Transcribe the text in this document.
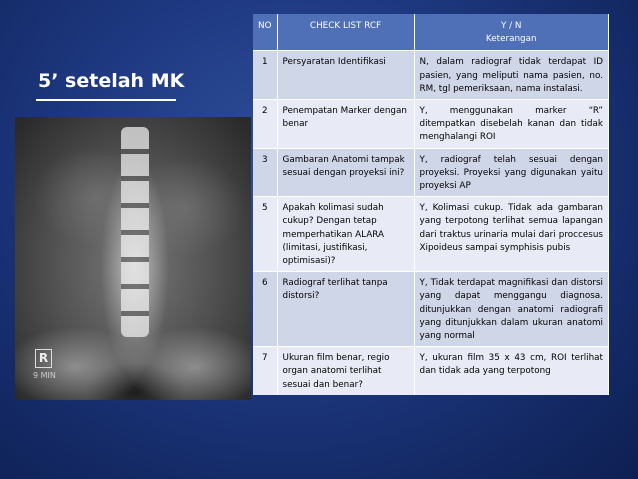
5’ setelah MK
R
9 MIN
NO	CHECK LIST RCF	Y / N
Keterangan

1	Persyaratan Identifikasi	N, dalam radiograf tidak terdapat ID pasien, yang meliputi nama pasien, no. RM, tgl pemeriksaan, nama instalasi.
2	Penempatan Marker dengan benar	Y, menggunakan marker “R” ditempatkan disebelah kanan dan tidak menghalangi ROI
3	Gambaran Anatomi tampak sesuai dengan proyeksi ini?	Y, radiograf telah sesuai dengan proyeksi. Proyeksi yang digunakan yaitu proyeksi AP
5	Apakah kolimasi sudah cukup? Dengan tetap memperhatikan ALARA (limitasi, justifikasi, optimisasi)?	Y, Kolimasi cukup. Tidak ada gambaran yang terpotong terlihat semua lapangan dari traktus urinaria mulai dari proccesus Xipoideus sampai symphisis pubis
6	Radiograf terlihat tanpa distorsi?	Y, Tidak terdapat magnifikasi dan distorsi yang dapat menggangu diagnosa. ditunjukkan dengan anatomi radiografi yang ditunjukkan dalam ukuran anatomi yang normal
7	Ukuran film benar, regio organ anatomi terlihat sesuai dan benar?	Y, ukuran film 35 x 43 cm, ROI terlihat dan tidak ada yang terpotong
